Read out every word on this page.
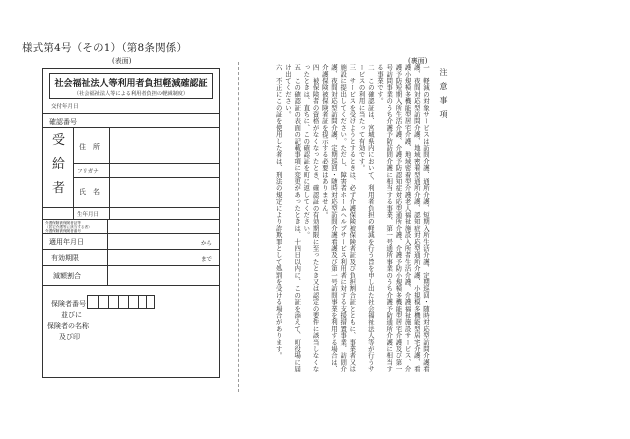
様式第4号（その1）（第8条関係）
(表面)	(裏面)
社会福祉法人等利用者負担軽減確認証
（社会福祉法人等による利用者負担の軽減制度）
交付年月日
確認番号
受
給
者
住　所
フリガナ
氏　名
生年月日
介護保険被保険者証等
（居宅介護等に該当する者）
介護保険被保険者番号
適用年月日	から
有効期限	まで
減額割合
保険者番号
並びに
保険者の名称
及び印
注意事項
一　軽減の対象サービスは訪問介護、通所介護、短期入所生活介護、定期巡回・随時対応型訪問介護看護、夜間対応型訪問介護、地域密着型通所介護、認知症対応型通所介護、小規模多機能型居宅介護、看護小規模多機能型居宅介護、地域密着型介護老人福祉施設入所者生活介護、介護福祉施設サービス、介護予防短期入所生活介護、介護予防認知症対応型通所介護、介護予防小規模多機能型居宅介護及び第一号訪問事業のうち介護予防訪問介護に相当する事業、第一号通所事業のうち介護予防通所介護に相当する事業です。
二　この確認証は、宮城県内において、利用者負担の軽減を行う旨を申し出た社会福祉法人等が行うサービスの利用に当たって有効です。
三　サービスを受けようとするときは、必ず介護保険被保険者証及び負担割合証とともに、事業者又は施設に提出してください。ただし、障害者ホームヘルプサービス利用者に対する支援措置事業、訪問介護、夜間対応型訪問介護、定期巡回・随時対応型訪問介護看護及び第一号訪問事業を利用する場合は、介護保険被保険者証を提示する必要はありません。
四　被保険者の資格がなくなったとき、確認証の有効期限に至ったとき又は認定の要件に該当しなくなったときは、直ちに、この確認証を町に返してください。
五　この確認証の表面の記載事項に変更があったときは、十四日以内に、この証を添えて、町役場に届け出てください。
六　不正にこの証を使用した者は、刑法の規定により詐欺罪として処罰を受ける場合があります。
